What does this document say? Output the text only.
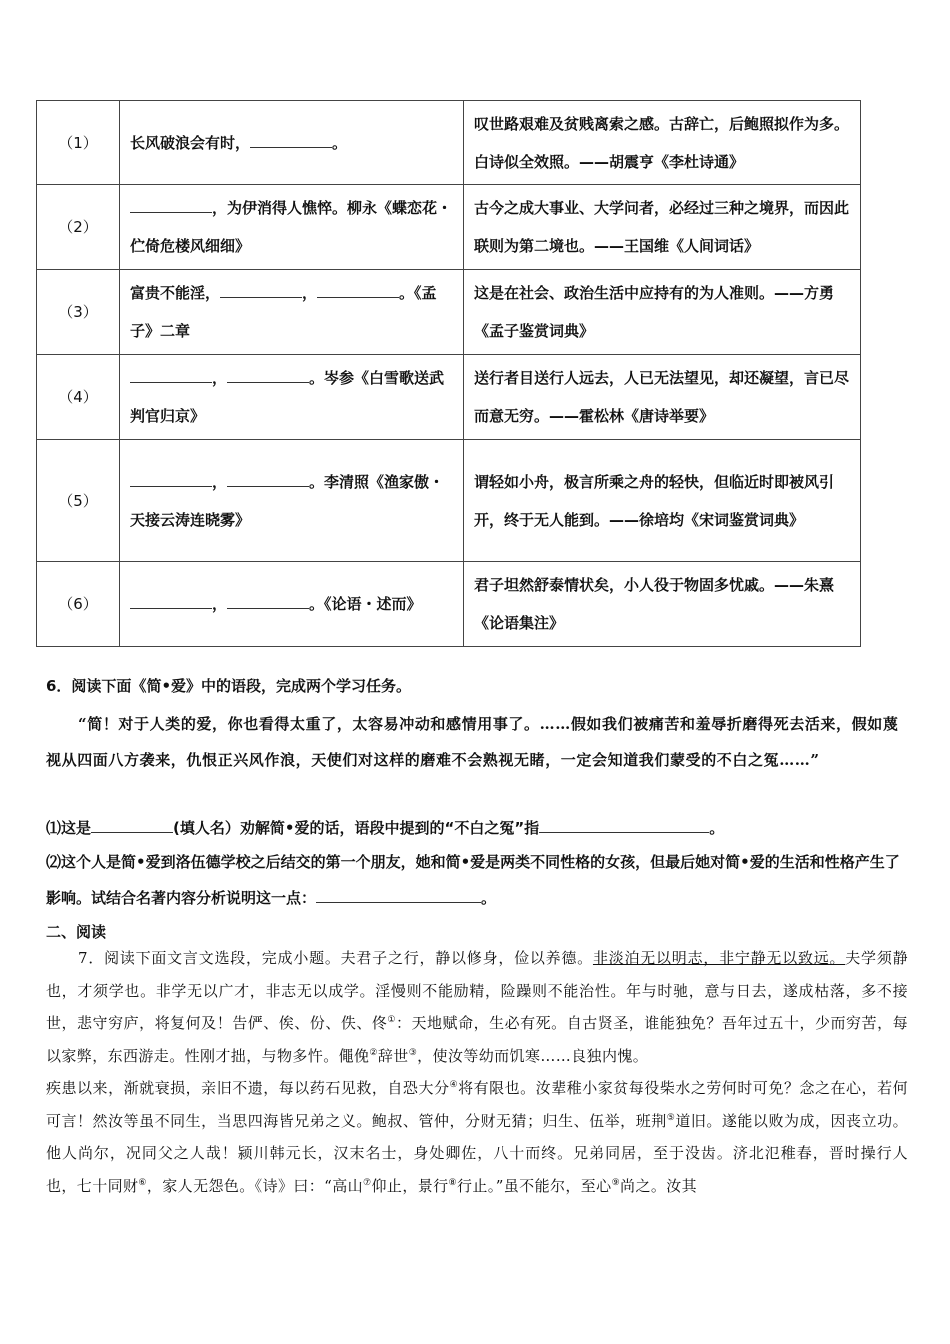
（1）	长风破浪会有时， 。	叹世路艰难及贫贱离索之感。古辞亡，后鲍照拟作为多。白诗似全效照。——胡震亨《李杜诗通》
（2）	，为伊消得人憔悴。柳永《蝶恋花・伫倚危楼风细细》	古今之成大事业、大学问者，必经过三种之境界，而因此联则为第二境也。——王国维《人间词话》
（3）	富贵不能淫， ， 。《孟子》二章	这是在社会、政治生活中应持有的为人准则。——方勇《孟子鉴赏词典》
（4）	， 。岑参《白雪歌送武判官归京》	送行者目送行人远去，人已无法望见，却还凝望，言已尽而意无穷。——霍松林《唐诗举要》
（5）	， 。李清照《渔家傲・天接云涛连晓雾》	谓轻如小舟，极言所乘之舟的轻快，但临近时即被风引开，终于无人能到。——徐培均《宋词鉴赏词典》
（6）	， 。《论语・述而》	君子坦然舒泰情状矣，小人役于物固多忧戚。——朱熹《论语集注》
6．阅读下面《简•爱》中的语段，完成两个学习任务。
“简！对于人类的爱，你也看得太重了，太容易冲动和感情用事了。……假如我们被痛苦和羞辱折磨得死去活来，假如蔑视从四面八方袭来，仇恨正兴风作浪，天使们对这样的磨难不会熟视无睹，一定会知道我们蒙受的不白之冤……”
⑴这是	(填人名）劝解简•爱的话，语段中提到的“不白之冤”指	。
⑵这个人是简•爱到洛伍德学校之后结交的第一个朋友，她和简•爱是两类不同性格的女孩，但最后她对简•爱的生活和性格产生了影响。试结合名著内容分析说明这一点：	。
二、阅读
7．阅读下面文言文选段，完成小题。夫君子之行，静以修身，俭以养德。非淡泊无以明志，非宁静无以致远。夫学须静也，才须学也。非学无以广才，非志无以成学。淫慢则不能励精，险躁则不能治性。年与时驰，意与日去，遂成枯落，多不接世，悲守穷庐，将复何及！告俨、俟、份、佚、佟①：天地赋命，生必有死。自古贤圣，谁能独免？吾年过五十，少而穷苦，每以家弊，东西游走。性刚才拙，与物多忤。僶俛②辞世③，使汝等幼而饥寒……良独内愧。
疾患以来，渐就衰损，亲旧不遗，每以药石见救，自恐大分④将有限也。汝辈稚小家贫每役柴水之劳何时可免？念之在心，若何可言！然汝等虽不同生，当思四海皆兄弟之义。鲍叔、管仲，分财无猜；归生、伍举，班荆⑤道旧。遂能以败为成，因丧立功。他人尚尔，况同父之人哉！颍川韩元长，汉末名士，身处卿佐，八十而终。兄弟同居，至于没齿。济北氾稚春，晋时操行人也，七十同财⑥，家人无怨色。《诗》曰：“高山⑦仰止，景行⑧行止。”虽不能尔，至心⑨尚之。汝其
